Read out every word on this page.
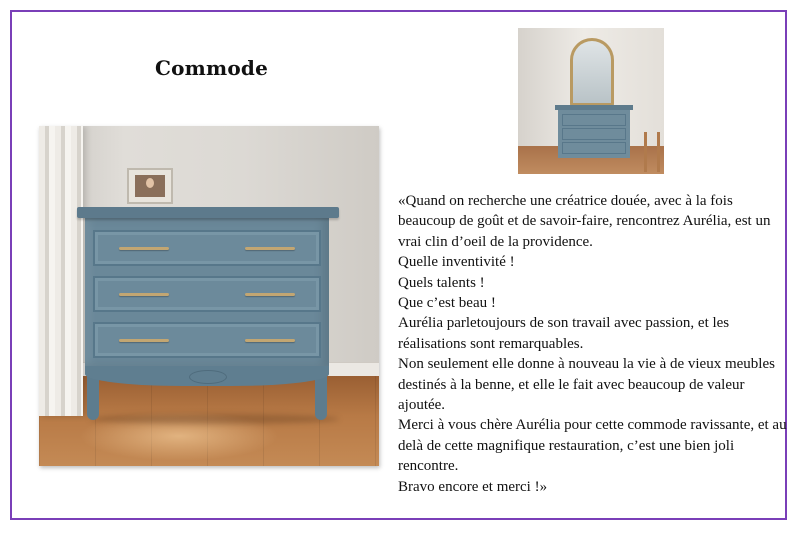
Commode

«Quand on recherche une créatrice douée, avec à la fois beaucoup de goût et de savoir-faire, rencontrez Aurélia, est un vrai clin d’oeil de la providence.

Quelle inventivité !

Quels talents !

Que c’est beau !

Aurélia parletoujours de son travail avec passion, et les réalisations sont remarquables.

Non seulement elle donne à nouveau la vie à de vieux meubles destinés à la benne, et elle le fait avec beaucoup de valeur ajoutée.

Merci à vous chère Aurélia pour cette commode ravissante, et au delà de cette magnifique restauration, c’est une bien joli rencontre.

Bravo encore et merci !»
